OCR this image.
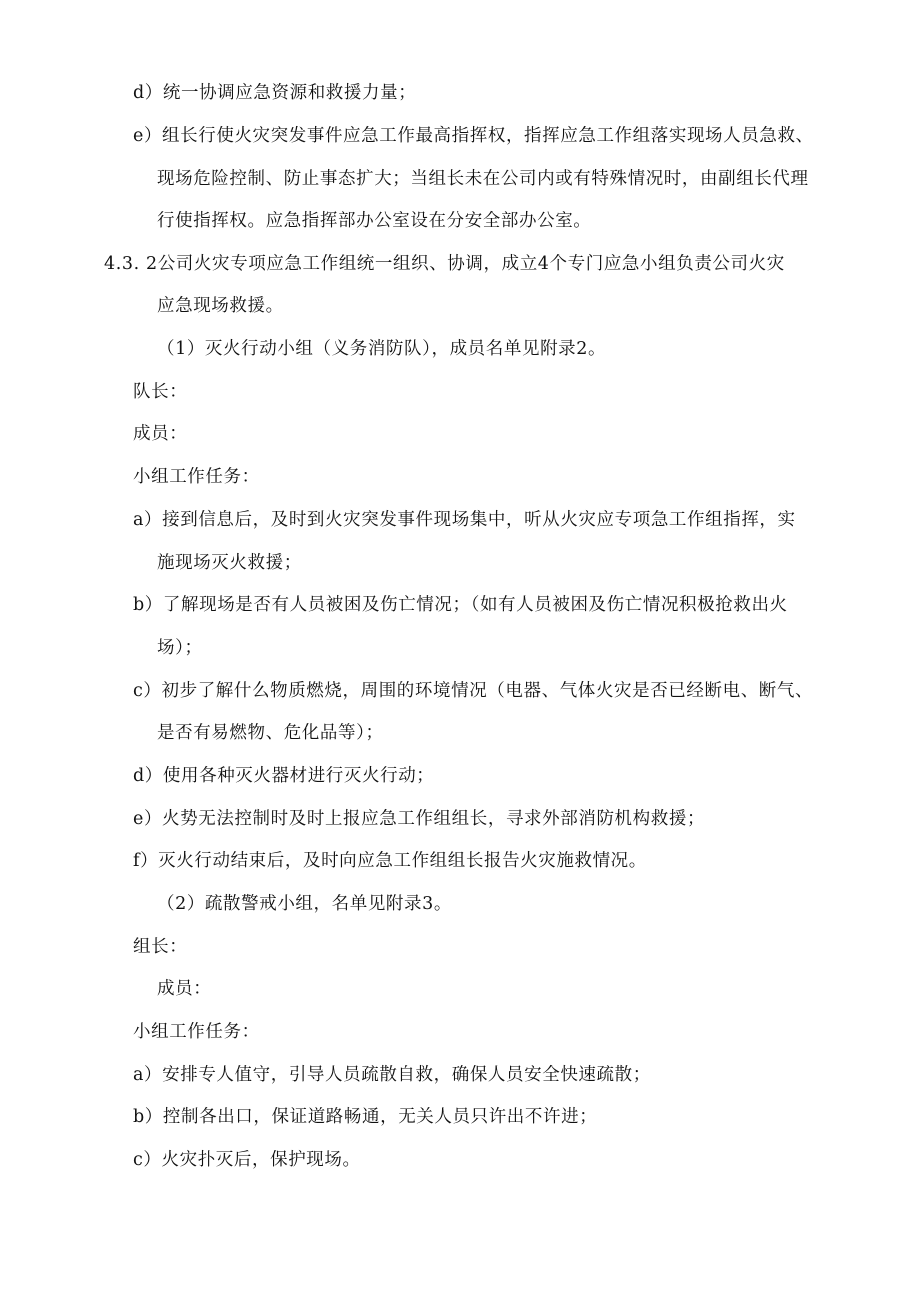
d）统一协调应急资源和救援力量；
e）组长行使火灾突发事件应急工作最高指挥权，指挥应急工作组落实现场人员急救、
现场危险控制、防止事态扩大；当组长未在公司内或有特殊情况时，由副组长代理
行使指挥权。应急指挥部办公室设在分安全部办公室。
4.3. 2公司火灾专项应急工作组统一组织、协调，成立4个专门应急小组负责公司火灾
应急现场救援。
（1）灭火行动小组（义务消防队），成员名单见附录2。
队长：
成员：
小组工作任务：
a）接到信息后，及时到火灾突发事件现场集中，听从火灾应专项急工作组指挥，实
施现场灭火救援；
b）了解现场是否有人员被困及伤亡情况；（如有人员被困及伤亡情况积极抢救出火
场）；
c）初步了解什么物质燃烧，周围的环境情况（电器、气体火灾是否已经断电、断气、
是否有易燃物、危化品等）；
d）使用各种灭火器材进行灭火行动；
e）火势无法控制时及时上报应急工作组组长，寻求外部消防机构救援；
f）灭火行动结束后，及时向应急工作组组长报告火灾施救情况。
（2）疏散警戒小组，名单见附录3。
组长：
成员：
小组工作任务：
a）安排专人值守，引导人员疏散自救，确保人员安全快速疏散；
b）控制各出口，保证道路畅通，无关人员只许出不许进；
c）火灾扑灭后，保护现场。
